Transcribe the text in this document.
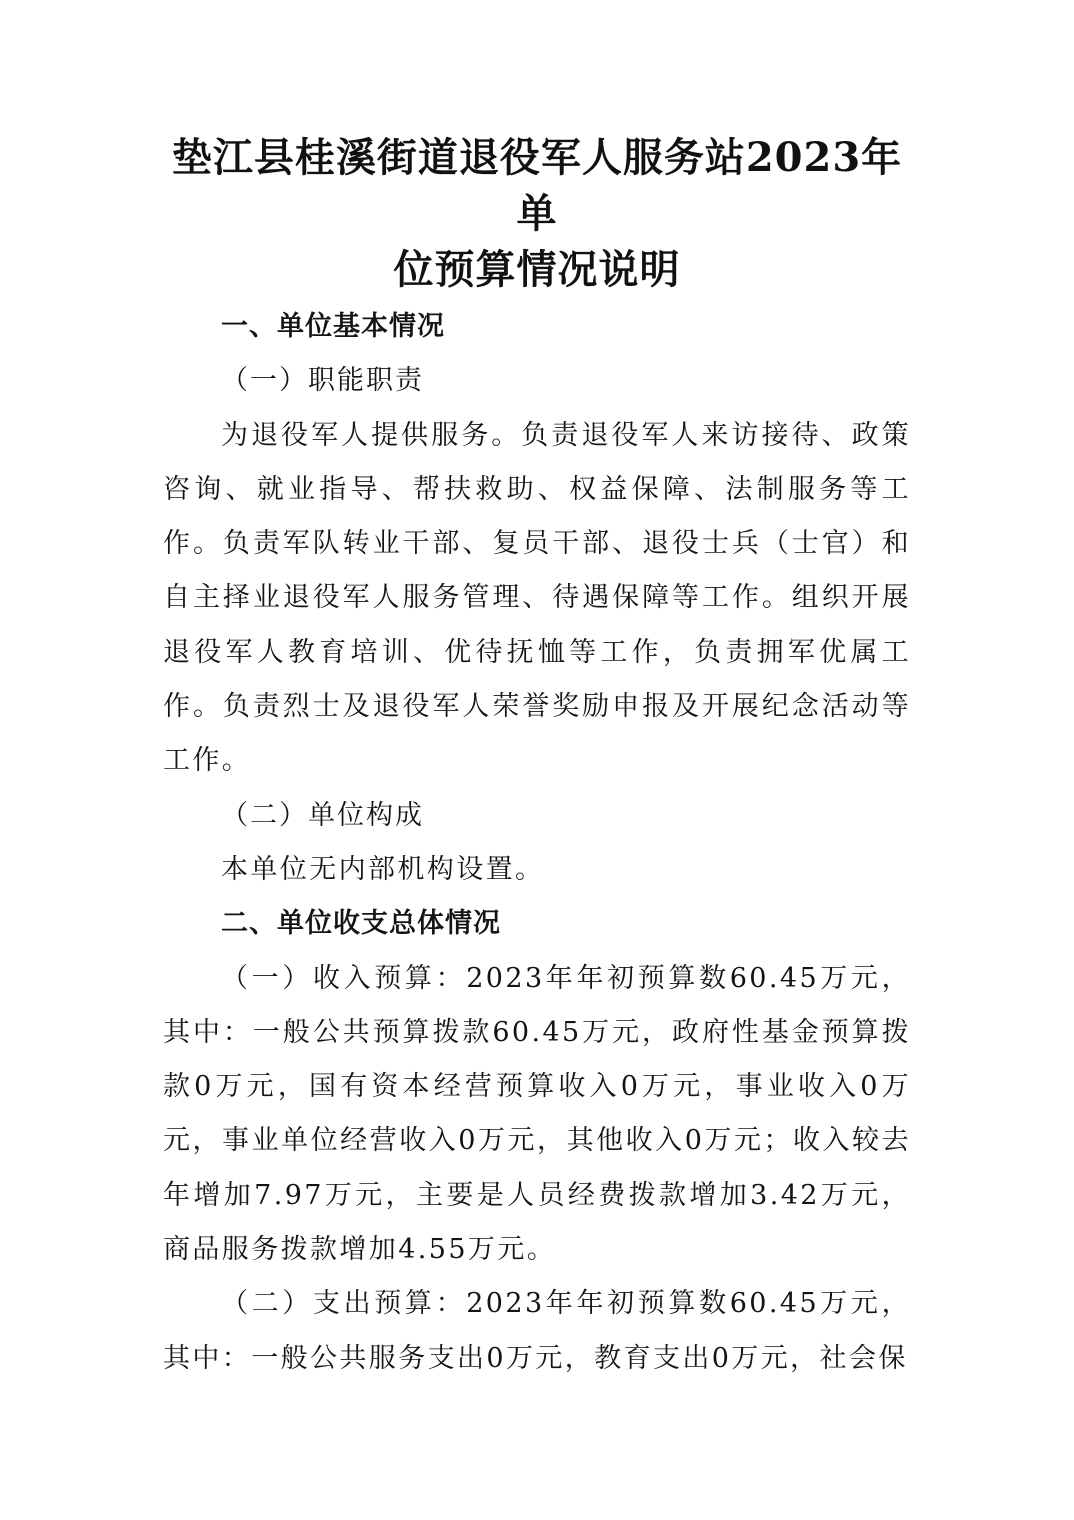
垫江县桂溪街道退役军人服务站2023年单
位预算情况说明

一、单位基本情况

（一）职能职责

为退役军人提供服务。负责退役军人来访接待、政策咨询、就业指导、帮扶救助、权益保障、法制服务等工作。负责军队转业干部、复员干部、退役士兵（士官）和自主择业退役军人服务管理、待遇保障等工作。组织开展退役军人教育培训、优待抚恤等工作，负责拥军优属工作。负责烈士及退役军人荣誉奖励申报及开展纪念活动等工作。

（二）单位构成

本单位无内部机构设置。

二、单位收支总体情况

（一）收入预算：2023年年初预算数60.45万元，其中：一般公共预算拨款60.45万元，政府性基金预算拨款0万元，国有资本经营预算收入0万元，事业收入0万元，事业单位经营收入0万元，其他收入0万元；收入较去年增加7.97万元，主要是人员经费拨款增加3.42万元，商品服务拨款增加4.55万元。

（二）支出预算：2023年年初预算数60.45万元，其中：一般公共服务支出0万元，教育支出0万元，社会保
